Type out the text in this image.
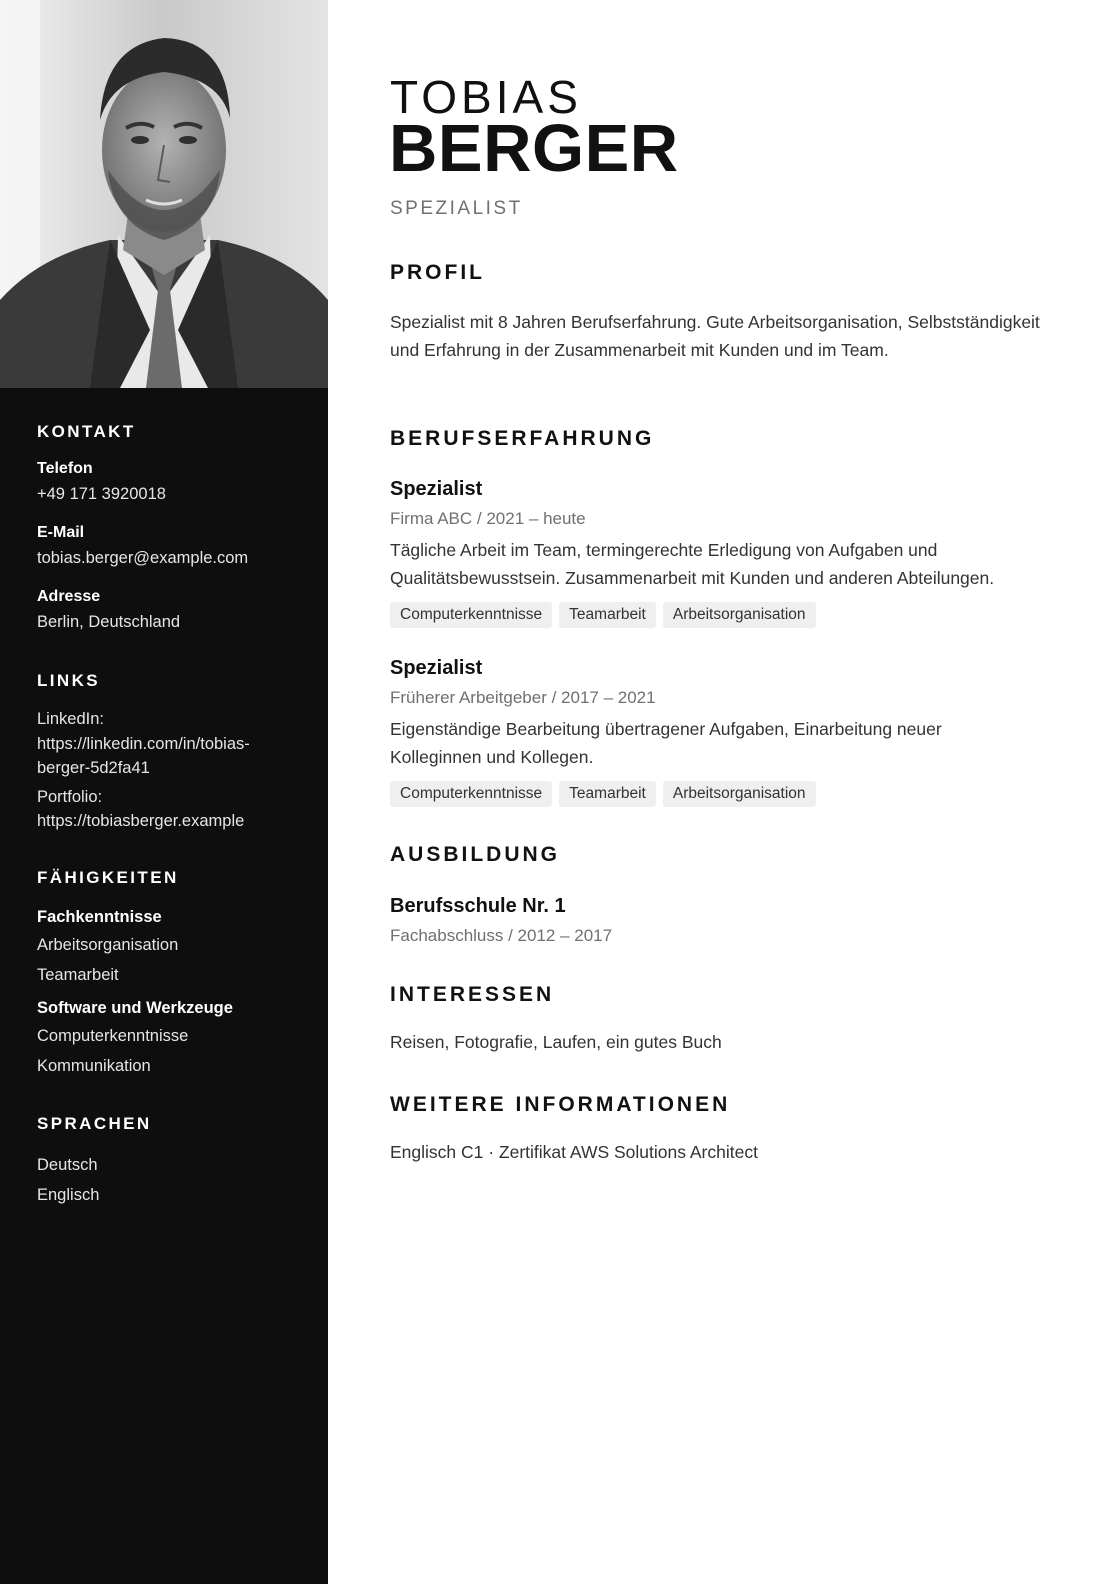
KONTAKT

Telefon

+49 171 3920018

E-Mail

tobias.berger@example.com

Adresse

Berlin, Deutschland

LINKS

LinkedIn:

https://linkedin.com/in/tobias-

berger-5d2fa41

Portfolio:

https://tobiasberger.example

FÄHIGKEITEN

Fachkenntnisse

Arbeitsorganisation

Teamarbeit

Software und Werkzeuge

Computerkenntnisse

Kommunikation

SPRACHEN

Deutsch

Englisch

TOBIAS
BERGER
SPEZIALIST
PROFIL

Spezialist mit 8 Jahren Berufserfahrung. Gute Arbeitsorganisation, Selbstständigkeit und Erfahrung in der Zusammenarbeit mit Kunden und im Team.

BERUFSERFAHRUNG

Spezialist

Firma ABC / 2021 – heute

Tägliche Arbeit im Team, termingerechte Erledigung von Aufgaben und Qualitätsbewusstsein. Zusammenarbeit mit Kunden und anderen Abteilungen.

Computerkenntnisse	Teamarbeit	Arbeitsorganisation

Spezialist

Früherer Arbeitgeber / 2017 – 2021

Eigenständige Bearbeitung übertragener Aufgaben, Einarbeitung neuer Kolleginnen und Kollegen.

Computerkenntnisse	Teamarbeit	Arbeitsorganisation
AUSBILDUNG

Berufsschule Nr. 1

Fachabschluss / 2012 – 2017

INTERESSEN

Reisen, Fotografie, Laufen, ein gutes Buch

WEITERE INFORMATIONEN

Englisch C1 · Zertifikat AWS Solutions Architect
